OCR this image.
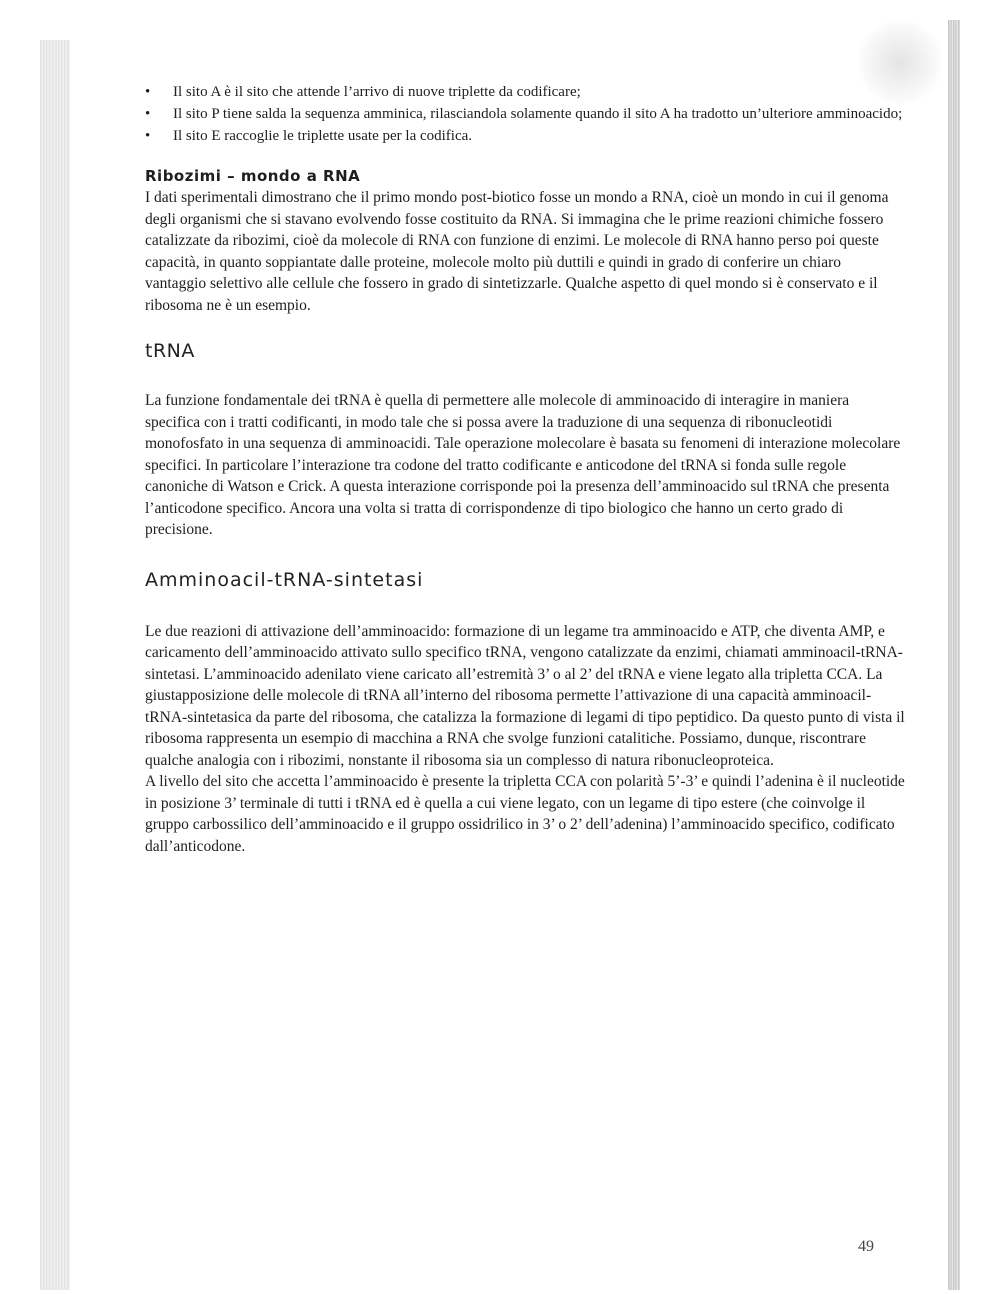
• Il sito A è il sito che attende l’arrivo di nuove triplette da codificare;
• Il sito P tiene salda la sequenza amminica, rilasciandola solamente quando il sito A ha tradotto un’ulteriore amminoacido;
• Il sito E raccoglie le triplette usate per la codifica.
Ribozimi – mondo a RNA

I dati sperimentali dimostrano che il primo mondo post-biotico fosse un mondo a RNA, cioè un mondo in cui il genoma degli organismi che si stavano evolvendo fosse costituito da RNA. Si immagina che le prime reazioni chimiche fossero catalizzate da ribozimi, cioè da molecole di RNA con funzione di enzimi. Le molecole di RNA hanno perso poi queste capacità, in quanto soppiantate dalle proteine, molecole molto più duttili e quindi in grado di conferire un chiaro vantaggio selettivo alle cellule che fossero in grado di sintetizzarle. Qualche aspetto di quel mondo si è conservato e il ribosoma ne è un esempio.

tRNA

La funzione fondamentale dei tRNA è quella di permettere alle molecole di amminoacido di interagire in maniera specifica con i tratti codificanti, in modo tale che si possa avere la traduzione di una sequenza di ribonucleotidi monofosfato in una sequenza di amminoacidi. Tale operazione molecolare è basata su fenomeni di interazione molecolare specifici. In particolare l’interazione tra codone del tratto codificante e anticodone del tRNA si fonda sulle regole canoniche di Watson e Crick. A questa interazione corrisponde poi la presenza dell’amminoacido sul tRNA che presenta l’anticodone specifico. Ancora una volta si tratta di corrispondenze di tipo biologico che hanno un certo grado di precisione.

Amminoacil-tRNA-sintetasi

Le due reazioni di attivazione dell’amminoacido: formazione di un legame tra amminoacido e ATP, che diventa AMP, e caricamento dell’amminoacido attivato sullo specifico tRNA, vengono catalizzate da enzimi, chiamati amminoacil-tRNA-sintetasi. L’amminoacido adenilato viene caricato all’estremità 3’ o al 2’ del tRNA e viene legato alla tripletta CCA. La giustapposizione delle molecole di tRNA all’interno del ribosoma permette l’attivazione di una capacità amminoacil-tRNA-sintetasica da parte del ribosoma, che catalizza la formazione di legami di tipo peptidico. Da questo punto di vista il ribosoma rappresenta un esempio di macchina a RNA che svolge funzioni catalitiche. Possiamo, dunque, riscontrare qualche analogia con i ribozimi, nonstante il ribosoma sia un complesso di natura ribonucleoproteica.

A livello del sito che accetta l’amminoacido è presente la tripletta CCA con polarità 5’-3’ e quindi l’adenina è il nucleotide in posizione 3’ terminale di tutti i tRNA ed è quella a cui viene legato, con un legame di tipo estere (che coinvolge il gruppo carbossilico dell’amminoacido e il gruppo ossidrilico in 3’ o 2’ dell’adenina) l’amminoacido specifico, codificato dall’anticodone.

49
